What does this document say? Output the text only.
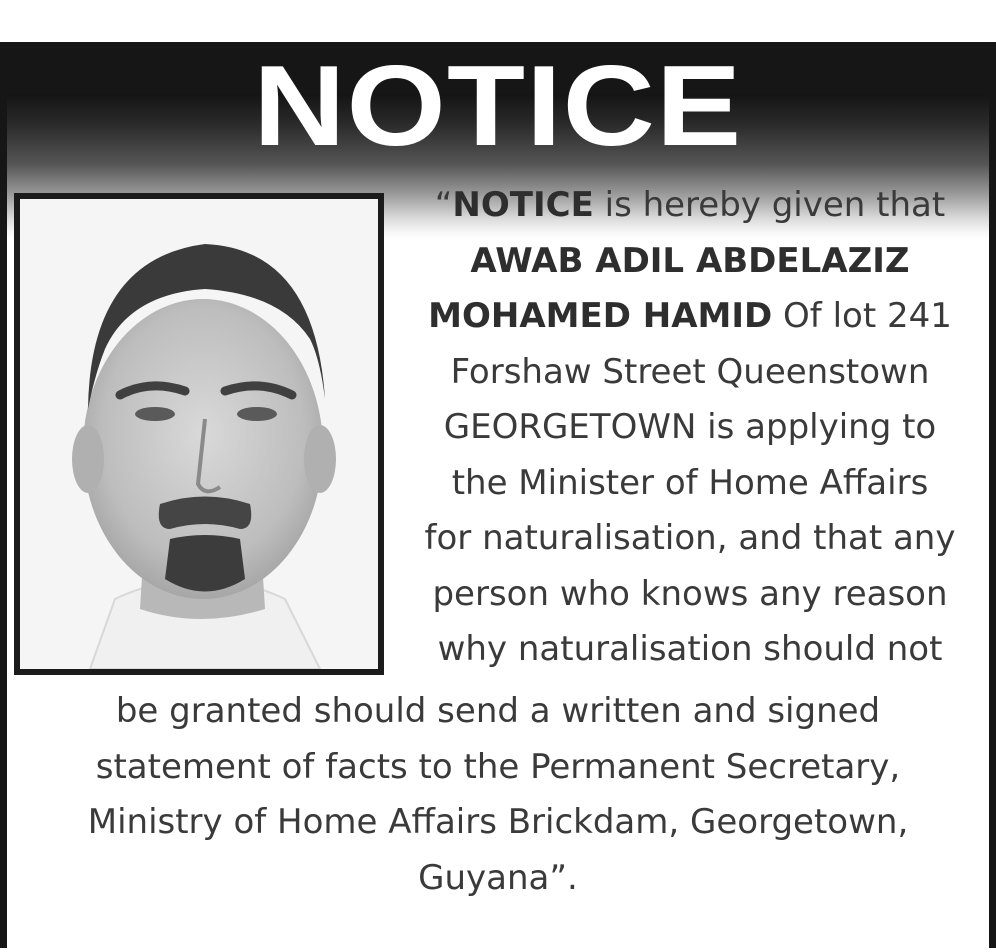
NOTICE
“NOTICE is hereby given that
AWAB ADIL ABDELAZIZ
MOHAMED HAMID Of lot 241
Forshaw Street Queenstown
GEORGETOWN is applying to
the Minister of Home Affairs
for naturalisation, and that any
person who knows any reason
why naturalisation should not
be granted should send a written and signed
statement of facts to the Permanent Secretary,
Ministry of Home Affairs Brickdam, Georgetown,
Guyana”.
